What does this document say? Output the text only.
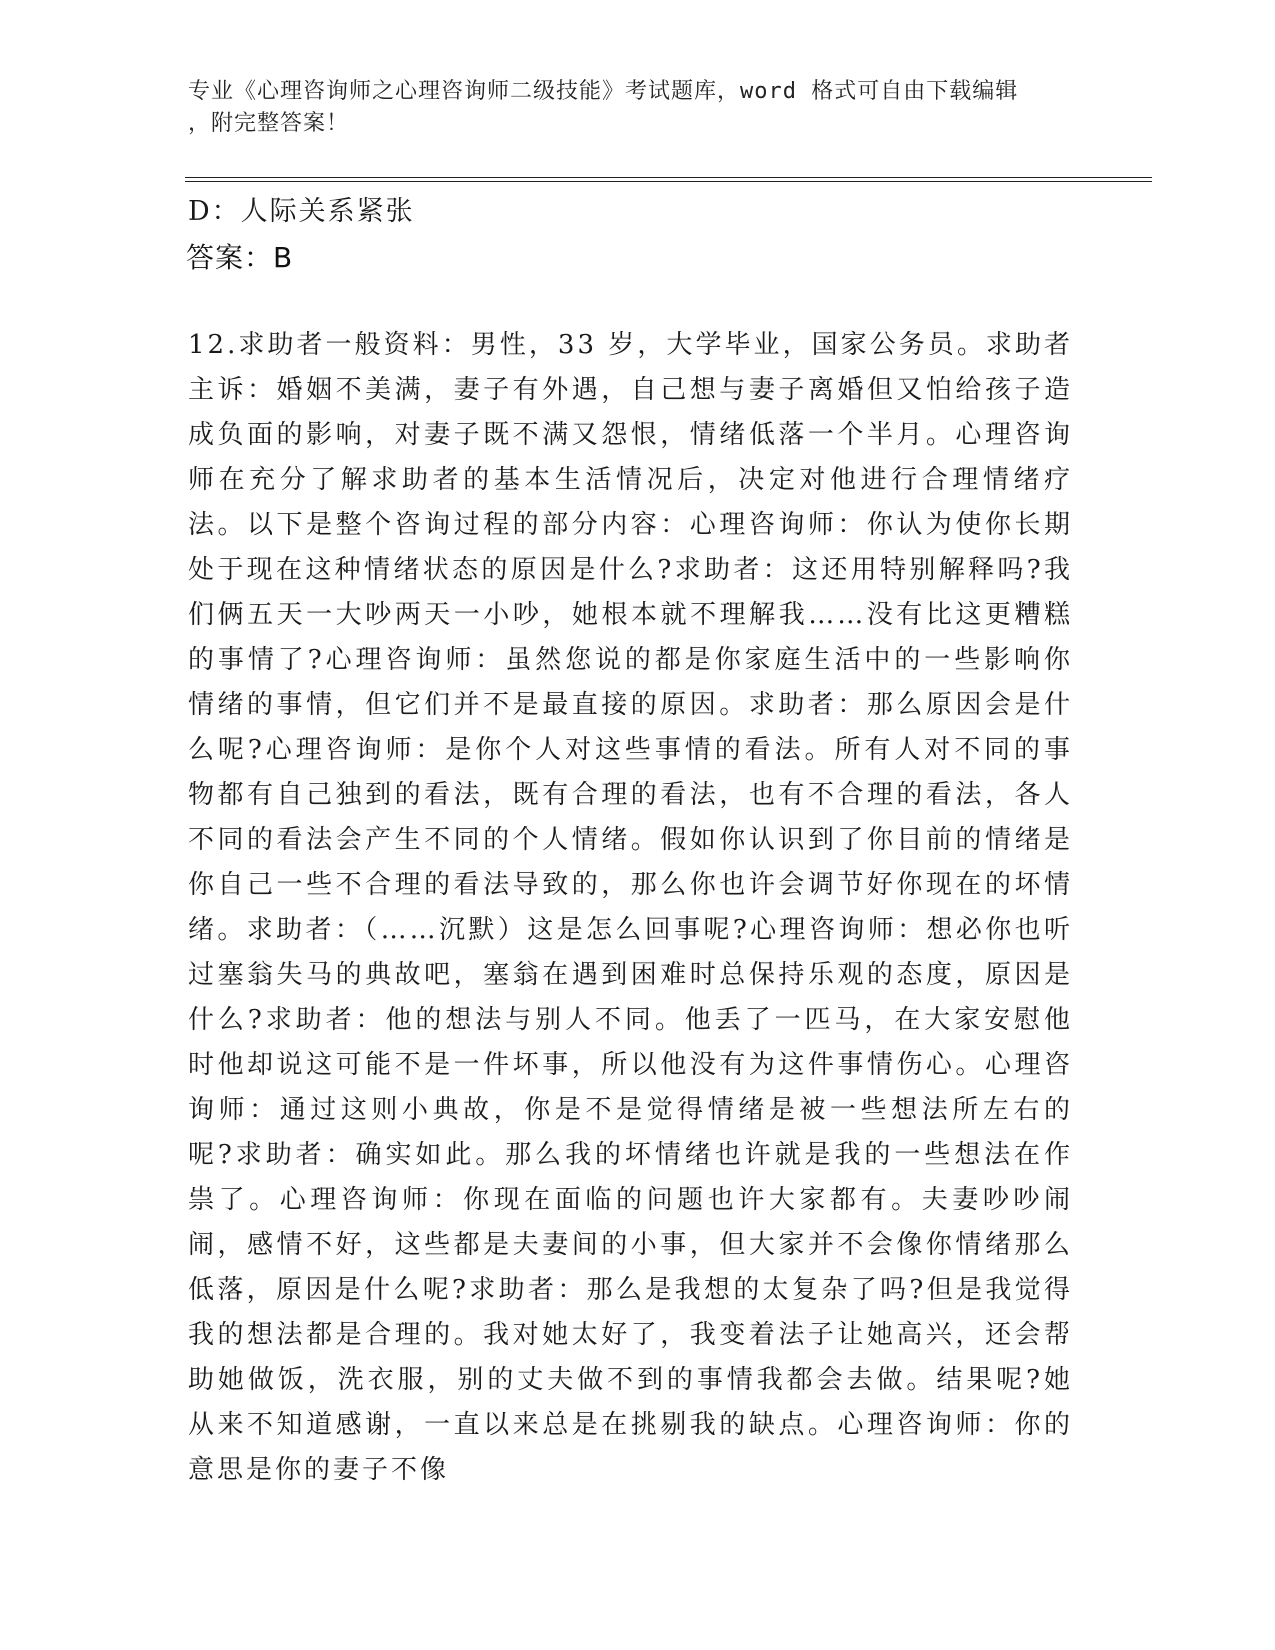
专业《心理咨询师之心理咨询师二级技能》考试题库，word 格式可自由下载编辑
，附完整答案！
D：人际关系紧张
答案：B

12.求助者一般资料：男性，33 岁，大学毕业，国家公务员。求助者主诉：婚姻不美满，妻子有外遇，自己想与妻子离婚但又怕给孩子造成负面的影响，对妻子既不满又怨恨，情绪低落一个半月。心理咨询师在充分了解求助者的基本生活情况后，决定对他进行合理情绪疗法。以下是整个咨询过程的部分内容：心理咨询师：你认为使你长期处于现在这种情绪状态的原因是什么?求助者：这还用特别解释吗?我们俩五天一大吵两天一小吵，她根本就不理解我……没有比这更糟糕的事情了?心理咨询师：虽然您说的都是你家庭生活中的一些影响你情绪的事情，但它们并不是最直接的原因。求助者：那么原因会是什么呢?心理咨询师：是你个人对这些事情的看法。所有人对不同的事物都有自己独到的看法，既有合理的看法，也有不合理的看法，各人不同的看法会产生不同的个人情绪。假如你认识到了你目前的情绪是你自己一些不合理的看法导致的，那么你也许会调节好你现在的坏情绪。求助者：（……沉默）这是怎么回事呢?心理咨询师：想必你也听过塞翁失马的典故吧，塞翁在遇到困难时总保持乐观的态度，原因是什么?求助者：他的想法与别人不同。他丢了一匹马，在大家安慰他时他却说这可能不是一件坏事，所以他没有为这件事情伤心。心理咨询师：通过这则小典故，你是不是觉得情绪是被一些想法所左右的呢?求助者：确实如此。那么我的坏情绪也许就是我的一些想法在作祟了。心理咨询师：你现在面临的问题也许大家都有。夫妻吵吵闹闹，感情不好，这些都是夫妻间的小事，但大家并不会像你情绪那么低落，原因是什么呢?求助者：那么是我想的太复杂了吗?但是我觉得我的想法都是合理的。我对她太好了，我变着法子让她高兴，还会帮助她做饭，洗衣服，别的丈夫做不到的事情我都会去做。结果呢?她从来不知道感谢，一直以来总是在挑剔我的缺点。心理咨询师：你的意思是你的妻子不像
